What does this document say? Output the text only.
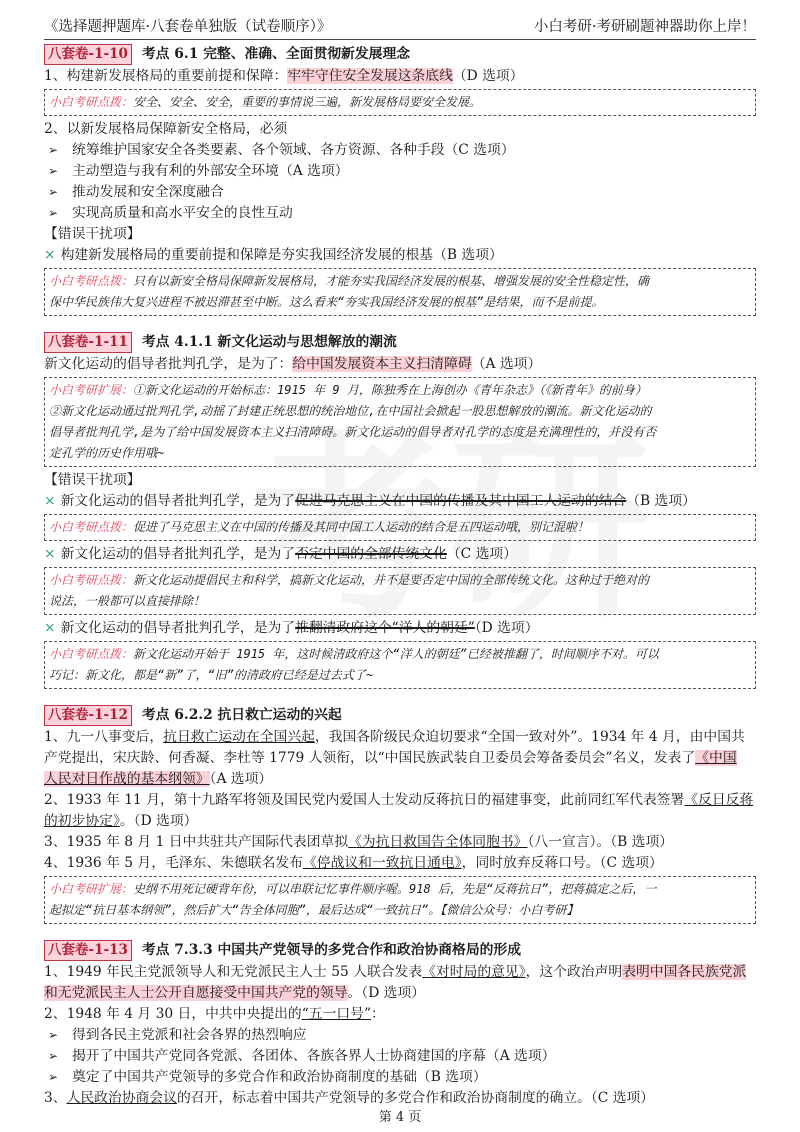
《选择题押题库·八套卷单独版（试卷顺序）》	小白考研·考研刷题神器助你上岸！
八套卷-1-10 考点 6.1 完整、准确、全面贯彻新发展理念
1、构建新发展格局的重要前提和保障：牢牢守住安全发展这条底线（D 选项）
小白考研点拨：安全、安全、安全，重要的事情说三遍，新发展格局要安全发展。
2、以新发展格局保障新安全格局，必须
➢ 统筹维护国家安全各类要素、各个领域、各方资源、各种手段（C 选项）
➢ 主动塑造与我有利的外部安全环境（A 选项）
➢ 推动发展和安全深度融合
➢ 实现高质量和高水平安全的良性互动
【错误干扰项】
× 构建新发展格局的重要前提和保障是夯实我国经济发展的根基（B 选项）
小白考研点拨：只有以新安全格局保障新发展格局，才能夯实我国经济发展的根基、增强发展的安全性稳定性，确
保中华民族伟大复兴进程不被迟滞甚至中断。这么看来“夯实我国经济发展的根基”是结果，而不是前提。
八套卷-1-11 考点 4.1.1 新文化运动与思想解放的潮流
新文化运动的倡导者批判孔学，是为了：给中国发展资本主义扫清障碍（A 选项）
小白考研扩展：①新文化运动的开始标志：1915 年 9 月，陈独秀在上海创办《青年杂志》（《新青年》的前身）
②新文化运动通过批判孔学,动摇了封建正统思想的统治地位,在中国社会掀起一股思想解放的潮流。新文化运动的
倡导者批判孔学,是为了给中国发展资本主义扫清障碍。新文化运动的倡导者对孔学的态度是充满理性的，并没有否
定孔学的历史作用哦~
【错误干扰项】
× 新文化运动的倡导者批判孔学，是为了促进马克思主义在中国的传播及其中国工人运动的结合（B 选项）
小白考研点拨：促进了马克思主义在中国的传播及其同中国工人运动的结合是五四运动哦，别记混啦！
× 新文化运动的倡导者批判孔学，是为了否定中国的全部传统文化（C 选项）
小白考研点拨：新文化运动提倡民主和科学，搞新文化运动，并不是要否定中国的全部传统文化。这种过于绝对的
说法，一般都可以直接排除！
× 新文化运动的倡导者批判孔学，是为了推翻清政府这个“洋人的朝廷”（D 选项）
小白考研点拨：新文化运动开始于 1915 年，这时候清政府这个“洋人的朝廷”已经被推翻了，时间顺序不对。可以
巧记：新文化，都是“新”了，“旧”的清政府已经是过去式了~
八套卷-1-12 考点 6.2.2 抗日救亡运动的兴起
1、九一八事变后，抗日救亡运动在全国兴起，我国各阶级民众迫切要求“全国一致对外”。1934 年 4 月，由中国共
产党提出，宋庆龄、何香凝、李杜等 1779 人领衔，以“中国民族武装自卫委员会筹备委员会”名义，发表了《中国
人民对日作战的基本纲领》（A 选项）
2、1933 年 11 月，第十九路军将领及国民党内爱国人士发动反蒋抗日的福建事变，此前同红军代表签署《反日反蒋
的初步协定》。（D 选项）
3、1935 年 8 月 1 日中共驻共产国际代表团草拟《为抗日救国告全体同胞书》（八一宣言）。（B 选项）
4、1936 年 5 月，毛泽东、朱德联名发布《停战议和一致抗日通电》，同时放弃反蒋口号。（C 选项）
小白考研扩展：史纲不用死记硬背年份，可以串联记忆事件顺序喔。918 后，先是“反蒋抗日”，把蒋搞定之后，一
起拟定“抗日基本纲领”，然后扩大“告全体同胞”，最后达成“一致抗日”。【微信公众号：小白考研】
八套卷-1-13 考点 7.3.3 中国共产党领导的多党合作和政治协商格局的形成
1、1949 年民主党派领导人和无党派民主人士 55 人联合发表《对时局的意见》，这个政治声明表明中国各民族党派
和无党派民主人士公开自愿接受中国共产党的领导。（D 选项）
2、1948 年 4 月 30 日，中共中央提出的“五一口号”：
➢ 得到各民主党派和社会各界的热烈响应
➢ 揭开了中国共产党同各党派、各团体、各族各界人士协商建国的序幕（A 选项）
➢ 奠定了中国共产党领导的多党合作和政治协商制度的基础（B 选项）
3、人民政治协商会议的召开，标志着中国共产党领导的多党合作和政治协商制度的确立。（C 选项）
第 4 页
